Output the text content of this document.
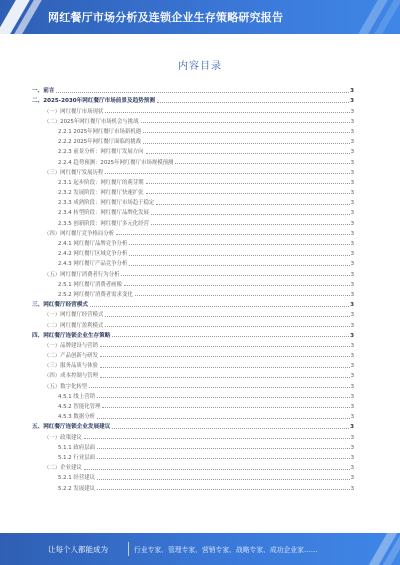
网红餐厅市场分析及连锁企业生存策略研究报告
内容目录
一、前言	3
二、2025-2030年网红餐厅市场前景及趋势预测	3
（一）网红餐厅市场现状	3
（二）2025年网红餐厅市场机会与挑战	3
2.2.1 2025年网红餐厅市场新机遇	3
2.2.2 2025年网红餐厅面临的挑战	3
2.2.3 前景分析：网红餐厅发展方向	3
2.2.4 趋势预测：2025年网红餐厅市场规模预测	3
（三）网红餐厅发展历程	3
2.3.1 起步阶段：网红餐厅的萌芽期	3
2.3.2 发展阶段：网红餐厅快速扩张	3
2.3.3 成熟阶段：网红餐厅市场趋于稳定	3
2.3.4 转型阶段：网红餐厅品牌化发展	3
2.3.5 创新阶段：网红餐厅多元化经营	3
（四）网红餐厅竞争格局分析	3
2.4.1 网红餐厅品牌竞争分析	3
2.4.2 网红餐厅区域竞争分析	3
2.4.3 网红餐厅产品竞争分析	3
（五）网红餐厅消费者行为分析	3
2.5.1 网红餐厅消费者画像	3
2.5.2 网红餐厅消费者需求变化	3
三、网红餐厅经营模式	3
（一）网红餐厅经营模式	3
（二）网红餐厅盈利模式	3
四、网红餐厅连锁企业生存策略	3
（一）品牌建设与营销	3
（二）产品创新与研发	3
（三）服务品质与体验	3
（四）成本控制与管理	3
（五）数字化转型	3
4.5.1 线上营销	3
4.5.2 智能化管理	3
4.5.3 数据分析	3
五、网红餐厅连锁企业发展建议	3
（一）政策建议	3
5.1.1 政府层面	3
5.1.2 行业层面	3
（二）企业建议	3
5.2.1 经营建议	3
5.2.2 发展建议	3
让每个人都能成为	行业专家、管理专家、营销专家、战略专家、成功企业家……
